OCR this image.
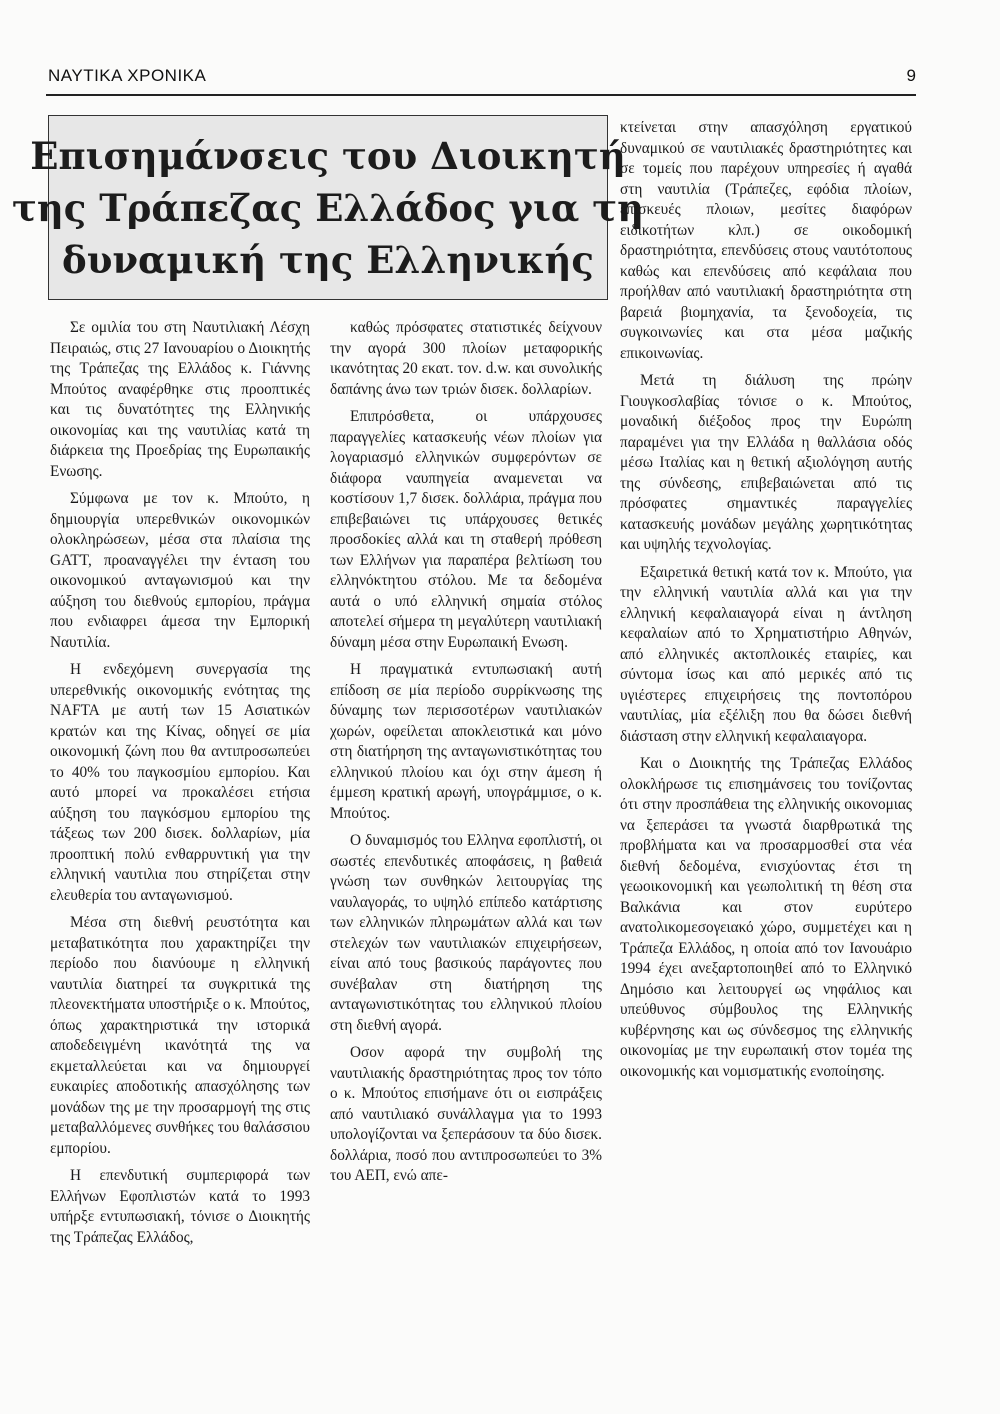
ΝΑΥΤΙΚΑ ΧΡΟΝΙΚΑ	9
Επισημάνσεις του Διοικητή
της Τράπεζας Ελλάδος για τη
δυναμική της Ελληνικής

Σε ομιλία του στη Ναυτιλιακή Λέσχη Πειραιώς, στις 27 Ιανουαρίου ο Διοικητής της Τράπεζας της Ελλάδος κ. Γιάννης Μπούτος αναφέρθηκε στις προοπτικές και τις δυνατότητες της Ελληνικής οικονομίας και της ναυτιλίας κατά τη διάρκεια της Προεδρίας της Ευρωπαικής Ενωσης.

Σύμφωνα με τον κ. Μπούτο, η δημιουργία υπερεθνικών οικονομικών ολοκληρώσεων, μέσα στα πλαίσια της GATT, προαναγγέλει την ένταση του οικονομικού ανταγωνισμού και την αύξηση του διεθνούς εμπορίου, πράγμα που ενδιαφρει άμεσα την Εμπορική Ναυτιλία.

Η ενδεχόμενη συνεργασία της υπερεθνικής οικονομικής ενότητας της NAFTA με αυτή των 15 Ασιατικών κρατών και της Κίνας, οδηγεί σε μία οικονομική ζώνη που θα αντιπροσωπεύει το 40% του παγκοσμίου εμπορίου. Και αυτό μπορεί να προκαλέσει ετήσια αύξηση του παγκόσμου εμπορίου της τάξεως των 200 δισεκ. δολλαρίων, μία προοπτική πολύ ενθαρρυντική για την ελληνική ναυτιλια που στηρίζεται στην ελευθερία του ανταγωνισμού.

Μέσα στη διεθνή ρευστότητα και μεταβατικότητα που χαρακτηρίζει την περίοδο που διανύουμε η ελληνική ναυτιλία διατηρεί τα συγκριτικά της πλεονεκτήματα υποστήριξε ο κ. Μπούτος, όπως χαρακτηριστικά την ιστορικά αποδεδειγμένη ικανότητά της να εκμεταλλεύεται και να δημιουργεί ευκαιρίες αποδοτικής απασχόλησης των μονάδων της με την προσαρμογή της στις μεταβαλλόμενες συνθήκες του θαλάσσιου εμπορίου.

Η επενδυτική συμπεριφορά των Ελλήνων Εφοπλιστών κατά το 1993 υπήρξε εντυπωσιακή, τόνισε ο Διοικητής της Τράπεζας Ελλάδος,

καθώς πρόσφατες στατιστικές δείχνουν την αγορά 300 πλοίων μεταφορικής ικανότητας 20 εκατ. τον. d.w. και συνολικής δαπάνης άνω των τριών δισεκ. δολλαρίων.

Επιπρόσθετα, οι υπάρχουσες παραγγελίες κατασκευής νέων πλοίων για λογαριασμό ελληνικών συμφερόντων σε διάφορα ναυπηγεία αναμενεται να κοστίσουν 1,7 δισεκ. δολλάρια, πράγμα που επιβεβαιώνει τις υπάρχουσες θετικές προσδοκίες αλλά και τη σταθερή πρόθεση των Ελλήνων για παραπέρα βελτίωση του ελληνόκτητου στόλου. Με τα δεδομένα αυτά ο υπό ελληνική σημαία στόλος αποτελεί σήμερα τη μεγαλύτερη ναυτιλιακή δύναμη μέσα στην Ευρωπαική Ενωση.

Η πραγματικά εντυπωσιακή αυτή επίδοση σε μία περίοδο συρρίκνωσης της δύναμης των περισσοτέρων ναυτιλιακών χωρών, οφείλεται αποκλειστικά και μόνο στη διατήρηση της ανταγωνιστικότητας του ελληνικού πλοίου και όχι στην άμεση ή έμμεση κρατική αρωγή, υπογράμμισε, ο κ. Μπούτος.

Ο δυναμισμός του Ελληνα εφοπλιστή, οι σωστές επενδυτικές αποφάσεις, η βαθειά γνώση των συνθηκών λειτουργίας της ναυλαγοράς, το υψηλό επίπεδο κατάρτισης των ελληνικών πληρωμάτων αλλά και των στελεχών των ναυτιλιακών επιχειρήσεων, είναι από τους βασικούς παράγοντες που συνέβαλαν στη διατήρηση της ανταγωνιστικότητας του ελληνικού πλοίου στη διεθνή αγορά.

Οσον αφορά την συμβολή της ναυτιλιακής δραστηριότητας προς τον τόπο ο κ. Μπούτος επισήμανε ότι οι εισπράξεις από ναυτιλιακό συνάλλαγμα για το 1993 υπολογίζονται να ξεπεράσουν τα δύο δισεκ. δολλάρια, ποσό που αντιπροσωπεύει το 3% του ΑΕΠ, ενώ απε-

κτείνεται στην απασχόληση εργατικού δυναμικού σε ναυτιλιακές δραστηριότητες και σε τομείς που παρέχουν υπηρεσίες ή αγαθά στη ναυτιλία (Τράπεζες, εφόδια πλοίων, επισκευές πλοιων, μεσίτες διαφόρων ειδικοτήτων κλπ.) σε οικοδομική δραστηριότητα, επενδύσεις στους ναυτότοπους καθώς και επενδύσεις από κεφάλαια που προήλθαν από ναυτιλιακή δραστηριότητα στη βαρειά βιομηχανία, τα ξενοδοχεία, τις συγκοινωνίες και στα μέσα μαζικής επικοινωνίας.

Μετά τη διάλυση της πρώην Γιουγκοσλαβίας τόνισε ο κ. Μπούτος, μοναδική διέξοδος προς την Ευρώπη παραμένει για την Ελλάδα η θαλλάσια οδός μέσω Ιταλίας και η θετική αξιολόγηση αυτής της σύνδεσης, επιβεβαιώνεται από τις πρόσφατες σημαντικές παραγγελίες κατασκευής μονάδων μεγάλης χωρητικότητας και υψηλής τεχνολογίας.

Εξαιρετικά θετική κατά τον κ. Μπούτο, για την ελληνική ναυτιλία αλλά και για την ελληνική κεφαλαιαγορά είναι η άντληση κεφαλαίων από το Χρηματιστήριο Αθηνών, από ελληνικές ακτοπλοικές εταιρίες, και σύντομα ίσως και από μερικές από τις υγιέστερες επιχειρήσεις της ποντοπόρου ναυτιλίας, μία εξέλιξη που θα δώσει διεθνή διάσταση στην ελληνική κεφαλαιαγορα.

Και ο Διοικητής της Τράπεζας Ελλάδος ολοκλήρωσε τις επισημάνσεις του τονίζοντας ότι στην προσπάθεια της ελληνικής οικονομιας να ξεπεράσει τα γνωστά διαρθρωτικά της προβλήματα και να προσαρμοσθεί στα νέα διεθνή δεδομένα, ενισχύοντας έτσι τη γεωοικονομική και γεωπολιτική τη θέση στα Βαλκάνια και στον ευρύτερο ανατολικομεσογειακό χώρο, συμμετέχει και η Τράπεζα Ελλάδος, η οποία από τον Ιανουάριο 1994 έχει ανεξαρτοποιηθεί από το Ελληνικό Δημόσιο και λειτουργεί ως νηφάλιος και υπεύθυνος σύμβουλος της Ελληνικής κυβέρνησης και ως σύνδεσμος της ελληνικής οικονομίας με την ευρωπαική στον τομέα της οικονομικής και νομισματικής ενοποίησης.
